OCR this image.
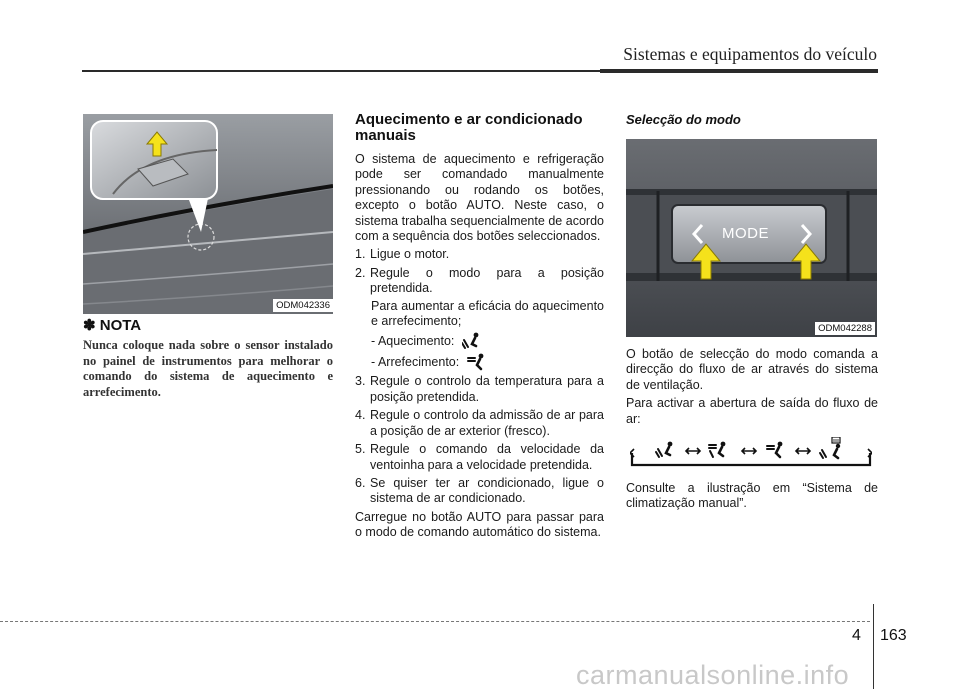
Sistemas e equipamentos do veículo
ODM042336
✽ NOTA
Nunca coloque nada sobre o sensor instalado no painel de instrumentos para melhorar o comando do sistema de aquecimento e arrefecimento.
Aquecimento e ar condicionado manuais
O sistema de aquecimento e refrigeração pode ser comandado manualmente pressionando ou rodando os botões, excepto o botão AUTO. Neste caso, o sistema trabalha sequencialmente de acordo com a sequência dos botões seleccionados.
1. Ligue o motor.
2. Regule o modo para a posição pretendida.
Para aumentar a eficácia do aquecimento e arrefecimento;
- Aquecimento:
- Arrefecimento:
3. Regule o controlo da temperatura para a posição pretendida.
4. Regule o controlo da admissão de ar para a posição de ar exterior (fresco).
5. Regule o comando da velocidade da ventoinha para a velocidade pretendida.
6. Se quiser ter ar condicionado, ligue o sistema de ar condicionado.
Carregue no botão AUTO para passar para o modo de comando automático do sistema.
Selecção do modo
MODE
ODM042288
O botão de selecção do modo comanda a direcção do fluxo de ar através do sistema de ventilação.
Para activar a abertura de saída do fluxo de ar:
Consulte a ilustração em “Sistema de climatização manual”.
4 163
carmanualsonline.info
